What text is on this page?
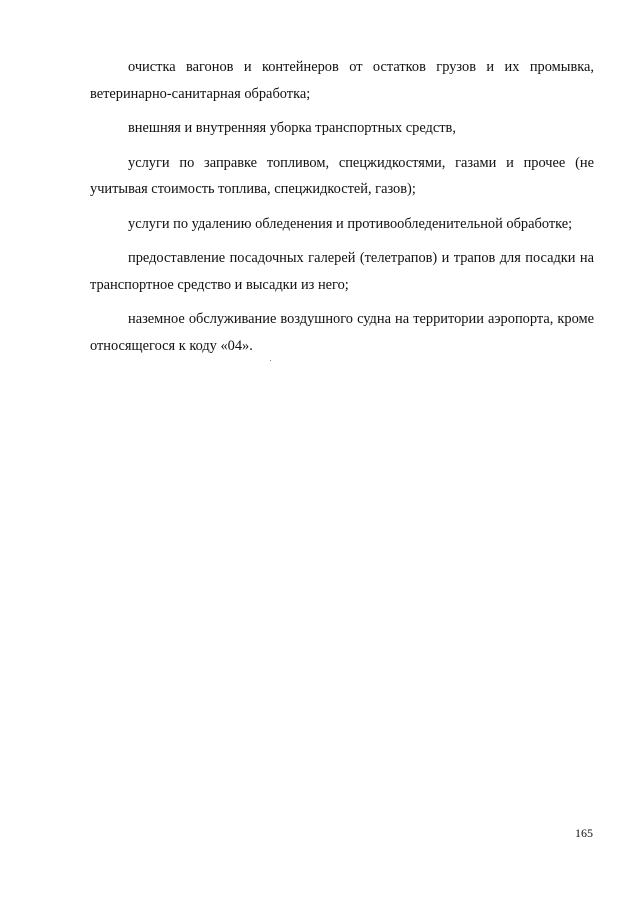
очистка вагонов и контейнеров от остатков грузов и их промывка, ветеринарно-санитарная обработка;

внешняя и внутренняя уборка транспортных средств,

услуги по заправке топливом, спецжидкостями, газами и прочее (не учитывая стоимость топлива, спецжидкостей, газов);

услуги по удалению обледенения и противообледенительной обработке;

предоставление посадочных галерей (телетрапов) и трапов для посадки на транспортное средство и высадки из него;

наземное обслуживание воздушного судна на территории аэропорта, кроме относящегося к коду «04».

165
